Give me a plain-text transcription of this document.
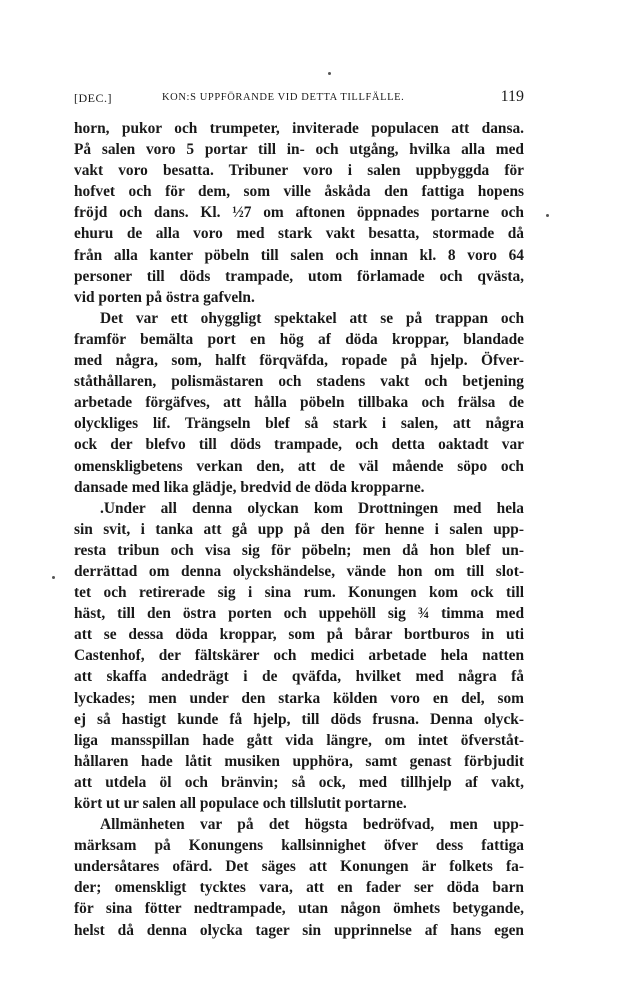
[DEC.]	KON:S UPPFÖRANDE VID DETTA TILLFÄLLE.	119
horn, pukor och trumpeter, inviterade populacen att dansa.
På salen voro 5 portar till in- och utgång, hvilka alla med
vakt voro besatta. Tribuner voro i salen uppbyggda för
hofvet och för dem, som ville åskåda den fattiga hopens
fröjd och dans. Kl. ½7 om aftonen öppnades portarne och
ehuru de alla voro med stark vakt besatta, stormade då
från alla kanter pöbeln till salen och innan kl. 8 voro 64
personer till döds trampade, utom förlamade och qvästa,
vid porten på östra gafveln.
Det var ett ohyggligt spektakel att se på trappan och
framför bemälta port en hög af döda kroppar, blandade
med några, som, halft förqväfda, ropade på hjelp. Öfver-
ståthållaren, polismästaren och stadens vakt och betjening
arbetade förgäfves, att hålla pöbeln tillbaka och frälsa de
olyckliges lif. Trängseln blef så stark i salen, att några
ock der blefvo till döds trampade, och detta oaktadt var
omenskligbetens verkan den, att de väl mående söpo och
dansade med lika glädje, bredvid de döda kropparne.
.Under all denna olyckan kom Drottningen med hela
sin svit, i tanka att gå upp på den för henne i salen upp-
resta tribun och visa sig för pöbeln; men då hon blef un-
derrättad om denna olyckshändelse, vände hon om till slot-
tet och retirerade sig i sina rum. Konungen kom ock till
häst, till den östra porten och uppehöll sig ¾ timma med
att se dessa döda kroppar, som på bårar bortburos in uti
Castenhof, der fältskärer och medici arbetade hela natten
att skaffa andedrägt i de qväfda, hvilket med några få
lyckades; men under den starka kölden voro en del, som
ej så hastigt kunde få hjelp, till döds frusna. Denna olyck-
liga mansspillan hade gått vida längre, om intet öfverståt-
hållaren hade låtit musiken upphöra, samt genast förbjudit
att utdela öl och bränvin; så ock, med tillhjelp af vakt,
kört ut ur salen all populace och tillslutit portarne.
Allmänheten var på det högsta bedröfvad, men upp-
märksam på Konungens kallsinnighet öfver dess fattiga
undersåtares ofärd. Det säges att Konungen är folkets fa-
der; omenskligt tycktes vara, att en fader ser döda barn
för sina fötter nedtrampade, utan någon ömhets betygande,
helst då denna olycka tager sin upprinnelse af hans egen
